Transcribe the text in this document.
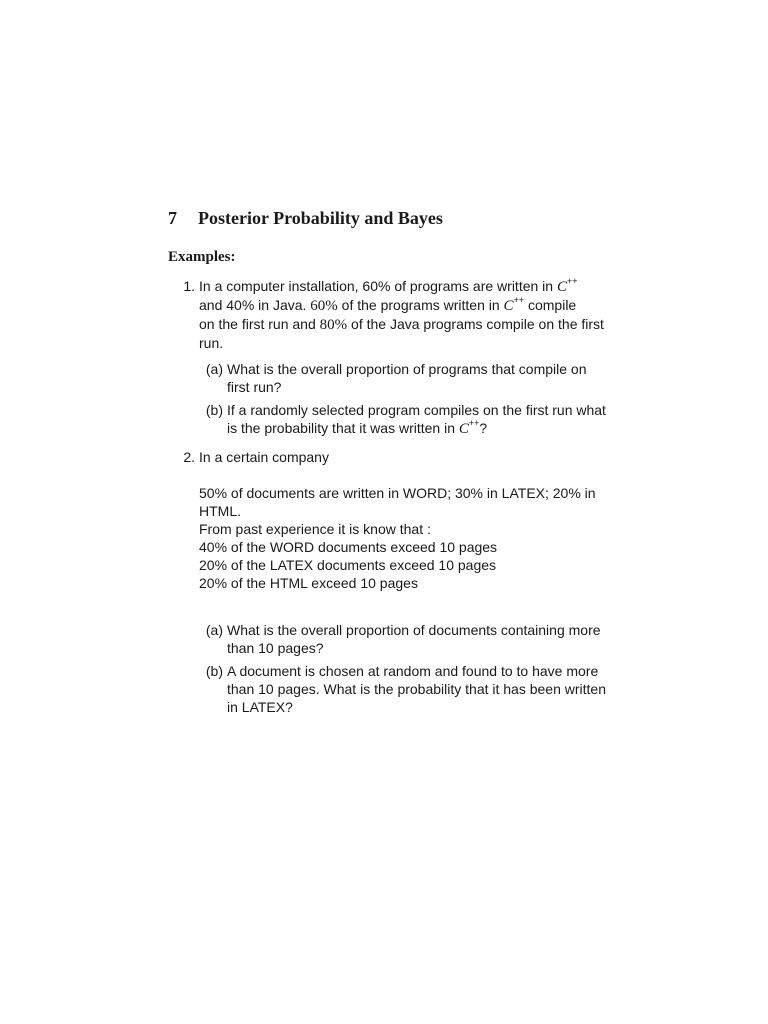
7 Posterior Probability and Bayes
Examples:
1. In a computer installation, 60% of programs are written in C++
and 40% in Java. 60% of the programs written in C++ compile
on the first run and 80% of the Java programs compile on the first
run.
(a) What is the overall proportion of programs that compile on
first run?
(b) If a randomly selected program compiles on the first run what
is the probability that it was written in C++?
2. In a certain company
50% of documents are written in WORD; 30% in LATEX; 20% in
HTML.
From past experience it is know that :
40% of the WORD documents exceed 10 pages
20% of the LATEX documents exceed 10 pages
20% of the HTML exceed 10 pages
(a) What is the overall proportion of documents containing more
than 10 pages?
(b) A document is chosen at random and found to to have more
than 10 pages. What is the probability that it has been written
in LATEX?
